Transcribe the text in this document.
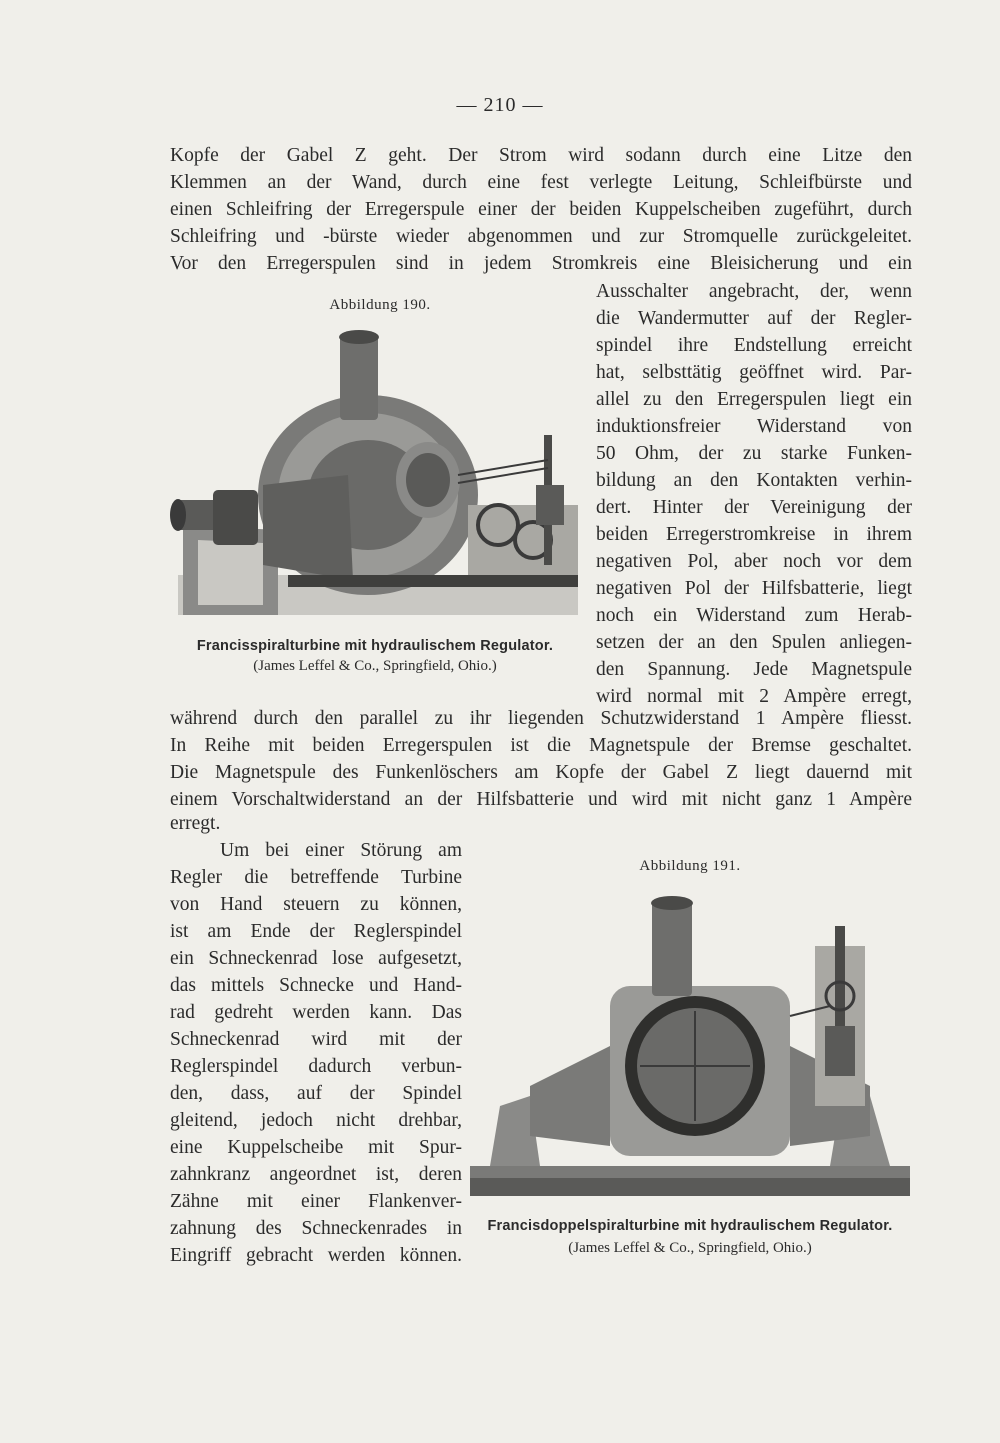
— 210 —
Kopfe der Gabel Z geht. Der Strom wird sodann durch eine Litze den
Klemmen an der Wand, durch eine fest verlegte Leitung, Schleifbürste und
einen Schleifring der Erregerspule einer der beiden Kuppelscheiben zugeführt, durch
Schleifring und -bürste wieder abgenommen und zur Stromquelle zurückgeleitet.
Vor den Erregerspulen sind in jedem Stromkreis eine Bleisicherung und ein
Abbildung 190.
Francisspiralturbine mit hydraulischem Regulator.
(James Leffel & Co., Springfield, Ohio.)
Ausschalter angebracht, der, wenn
die Wandermutter auf der Regler-
spindel ihre Endstellung erreicht
hat, selbsttätig geöffnet wird. Par-
allel zu den Erregerspulen liegt ein
induktionsfreier Widerstand von
50 Ohm, der zu starke Funken-
bildung an den Kontakten verhin-
dert. Hinter der Vereinigung der
beiden Erregerstromkreise in ihrem
negativen Pol, aber noch vor dem
negativen Pol der Hilfsbatterie, liegt
noch ein Widerstand zum Herab-
setzen der an den Spulen anliegen-
den Spannung. Jede Magnetspule
wird normal mit 2 Ampère erregt,
während durch den parallel zu ihr liegenden Schutzwiderstand 1 Ampère fliesst.
In Reihe mit beiden Erregerspulen ist die Magnetspule der Bremse geschaltet.
Die Magnetspule des Funkenlöschers am Kopfe der Gabel Z liegt dauernd mit
einem Vorschaltwiderstand an der Hilfsbatterie und wird mit nicht ganz 1 Ampère
erregt.
Um bei einer Störung am
Regler die betreffende Turbine
von Hand steuern zu können,
ist am Ende der Reglerspindel
ein Schneckenrad lose aufgesetzt,
das mittels Schnecke und Hand-
rad gedreht werden kann. Das
Schneckenrad wird mit der
Reglerspindel dadurch verbun-
den, dass, auf der Spindel
gleitend, jedoch nicht drehbar,
eine Kuppelscheibe mit Spur-
zahnkranz angeordnet ist, deren
Zähne mit einer Flankenver-
zahnung des Schneckenrades in
Eingriff gebracht werden können.
Abbildung 191.
Francisdoppelspiralturbine mit hydraulischem Regulator.
(James Leffel & Co., Springfield, Ohio.)
